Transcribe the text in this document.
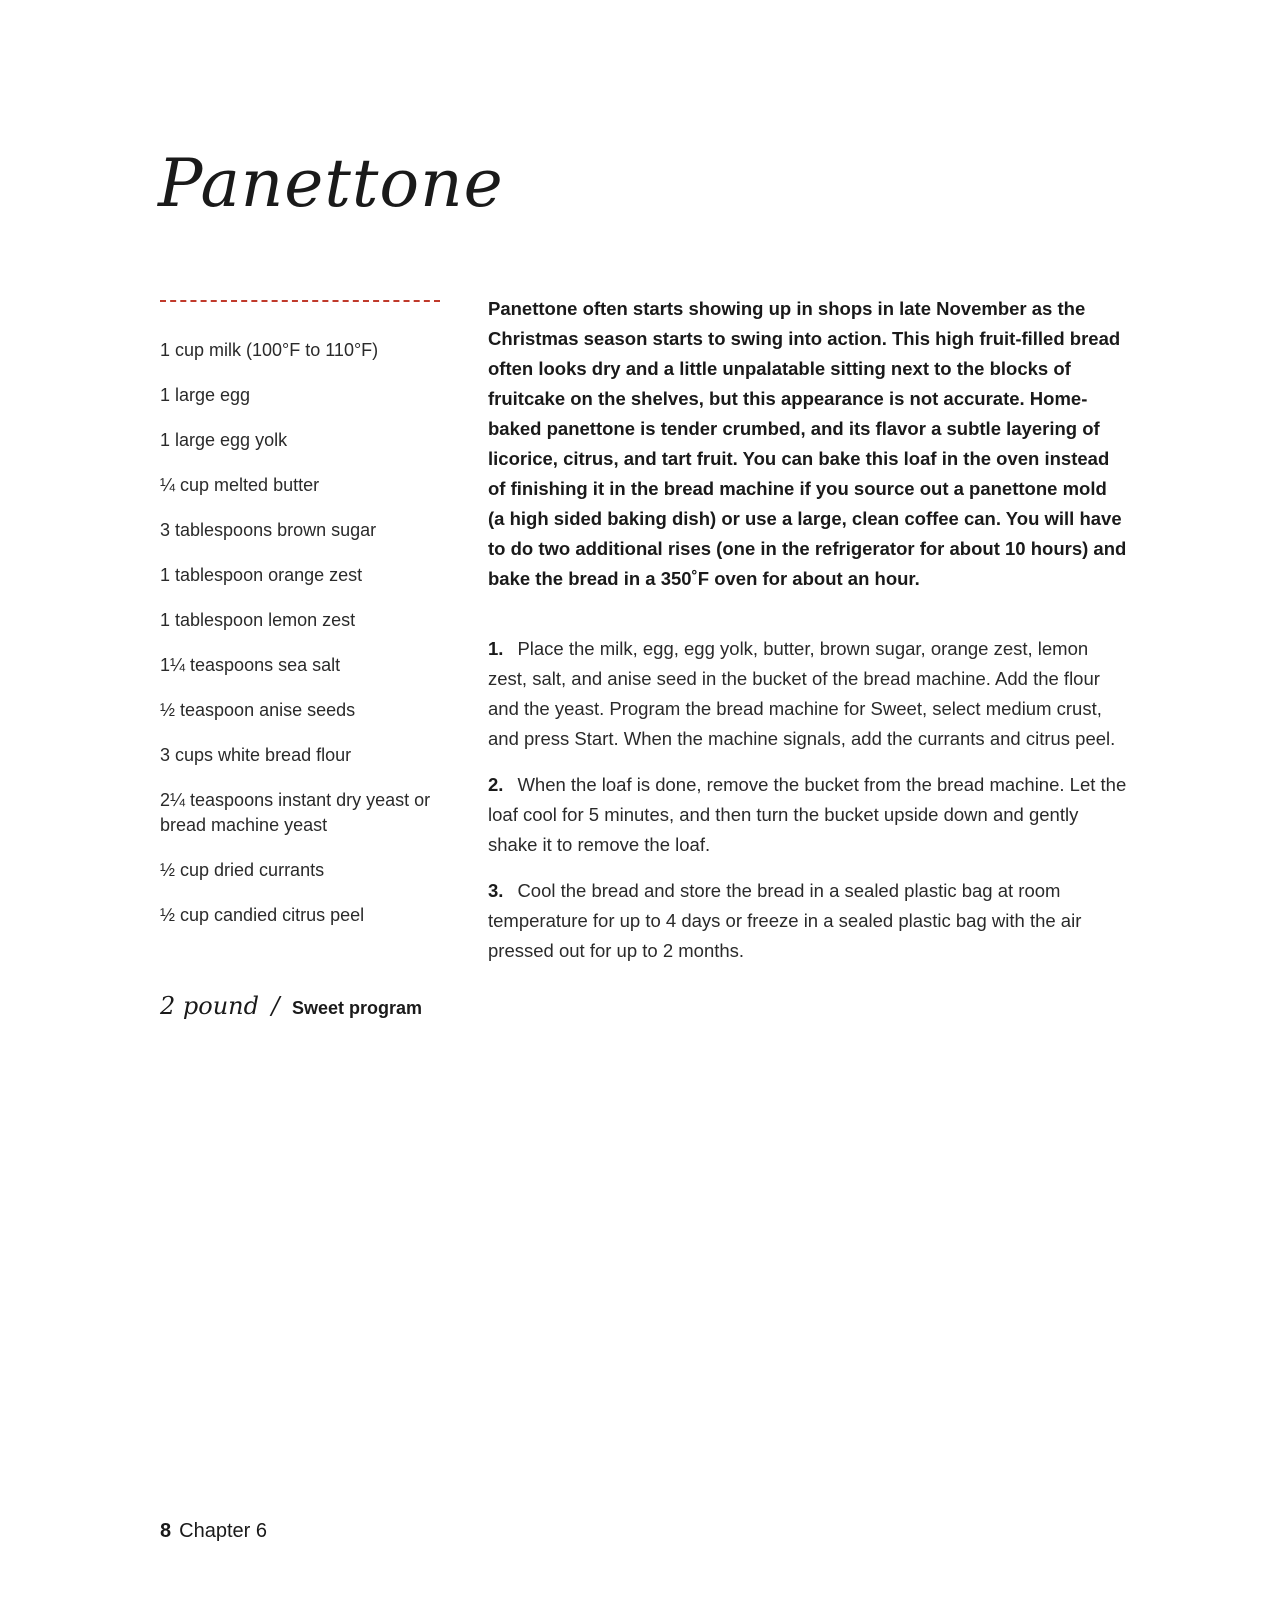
Panettone
1 cup milk (100°F to 110°F)
1 large egg
1 large egg yolk
¼ cup melted butter
3 tablespoons brown sugar
1 tablespoon orange zest
1 tablespoon lemon zest
1¼ teaspoons sea salt
½ teaspoon anise seeds
3 cups white bread flour
2¼ teaspoons instant dry yeast or bread machine yeast
½ cup dried currants
½ cup candied citrus peel
2 pound / Sweet program

Panettone often starts showing up in shops in late November as the Christmas season starts to swing into action. This high fruit-filled bread often looks dry and a little unpalatable sitting next to the blocks of fruitcake on the shelves, but this appearance is not accurate. Home-baked panettone is tender crumbed, and its flavor a subtle layering of licorice, citrus, and tart fruit. You can bake this loaf in the oven instead of finishing it in the bread machine if you source out a panettone mold (a high sided baking dish) or use a large, clean coffee can. You will have to do two additional rises (one in the refrigerator for about 10 hours) and bake the bread in a 350˚F oven for about an hour.

1. Place the milk, egg, egg yolk, butter, brown sugar, orange zest, lemon zest, salt, and anise seed in the bucket of the bread machine. Add the flour and the yeast. Program the bread machine for Sweet, select medium crust, and press Start. When the machine signals, add the currants and citrus peel.
2. When the loaf is done, remove the bucket from the bread machine. Let the loaf cool for 5 minutes, and then turn the bucket upside down and gently shake it to remove the loaf.
3. Cool the bread and store the bread in a sealed plastic bag at room temperature for up to 4 days or freeze in a sealed plastic bag with the air pressed out for up to 2 months.
8 Chapter 6
